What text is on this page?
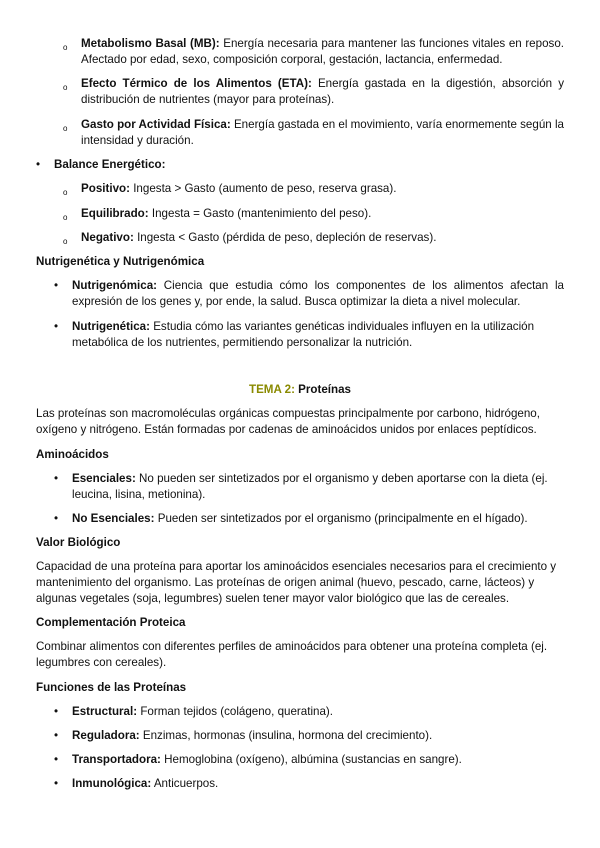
o Metabolismo Basal (MB): Energía necesaria para mantener las funciones vitales en reposo. Afectado por edad, sexo, composición corporal, gestación, lactancia, enfermedad.
o Efecto Térmico de los Alimentos (ETA): Energía gastada en la digestión, absorción y distribución de nutrientes (mayor para proteínas).
o Gasto por Actividad Física: Energía gastada en el movimiento, varía enormemente según la intensidad y duración.
• Balance Energético:
o Positivo: Ingesta > Gasto (aumento de peso, reserva grasa).
o Equilibrado: Ingesta = Gasto (mantenimiento del peso).
o Negativo: Ingesta < Gasto (pérdida de peso, depleción de reservas).
Nutrigenética y Nutrigenómica
• Nutrigenómica: Ciencia que estudia cómo los componentes de los alimentos afectan la expresión de los genes y, por ende, la salud. Busca optimizar la dieta a nivel molecular.
• Nutrigenética: Estudia cómo las variantes genéticas individuales influyen en la utilización metabólica de los nutrientes, permitiendo personalizar la nutrición.
TEMA 2: Proteínas
Las proteínas son macromoléculas orgánicas compuestas principalmente por carbono, hidrógeno, oxígeno y nitrógeno. Están formadas por cadenas de aminoácidos unidos por enlaces peptídicos.
Aminoácidos
• Esenciales: No pueden ser sintetizados por el organismo y deben aportarse con la dieta (ej. leucina, lisina, metionina).
• No Esenciales: Pueden ser sintetizados por el organismo (principalmente en el hígado).
Valor Biológico
Capacidad de una proteína para aportar los aminoácidos esenciales necesarios para el crecimiento y mantenimiento del organismo. Las proteínas de origen animal (huevo, pescado, carne, lácteos) y algunas vegetales (soja, legumbres) suelen tener mayor valor biológico que las de cereales.
Complementación Proteica
Combinar alimentos con diferentes perfiles de aminoácidos para obtener una proteína completa (ej. legumbres con cereales).
Funciones de las Proteínas
• Estructural: Forman tejidos (colágeno, queratina).
• Reguladora: Enzimas, hormonas (insulina, hormona del crecimiento).
• Transportadora: Hemoglobina (oxígeno), albúmina (sustancias en sangre).
• Inmunológica: Anticuerpos.
